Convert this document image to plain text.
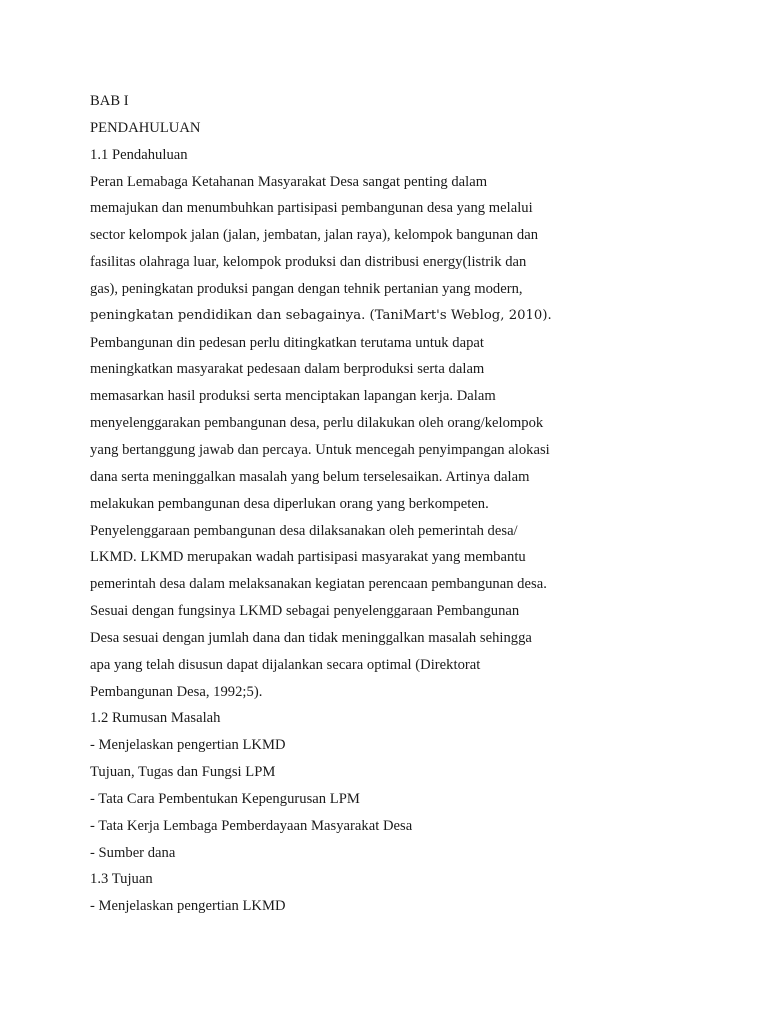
BAB I
PENDAHULUAN
1.1 Pendahuluan
Peran Lemabaga Ketahanan Masyarakat Desa sangat penting dalam
memajukan dan menumbuhkan partisipasi pembangunan desa yang melalui
sector kelompok jalan (jalan, jembatan, jalan raya), kelompok bangunan dan
fasilitas olahraga luar, kelompok produksi dan distribusi energy(listrik dan
gas), peningkatan produksi pangan dengan tehnik pertanian yang modern,
peningkatan pendidikan dan sebagainya. (TaniMart's Weblog, 2010).
Pembangunan din pedesan perlu ditingkatkan terutama untuk dapat
meningkatkan masyarakat pedesaan dalam berproduksi serta dalam
memasarkan hasil produksi serta menciptakan lapangan kerja. Dalam
menyelenggarakan pembangunan desa, perlu dilakukan oleh orang/kelompok
yang bertanggung jawab dan percaya. Untuk mencegah penyimpangan alokasi
dana serta meninggalkan masalah yang belum terselesaikan. Artinya dalam
melakukan pembangunan desa diperlukan orang yang berkompeten.
Penyelenggaraan pembangunan desa dilaksanakan oleh pemerintah desa/
LKMD. LKMD merupakan wadah partisipasi masyarakat yang membantu
pemerintah desa dalam melaksanakan kegiatan perencaan pembangunan desa.
Sesuai dengan fungsinya LKMD sebagai penyelenggaraan Pembangunan
Desa sesuai dengan jumlah dana dan tidak meninggalkan masalah sehingga
apa yang telah disusun dapat dijalankan secara optimal (Direktorat
Pembangunan Desa, 1992;5).
1.2 Rumusan Masalah
- Menjelaskan pengertian LKMD
Tujuan, Tugas dan Fungsi LPM
- Tata Cara Pembentukan Kepengurusan LPM
- Tata Kerja Lembaga Pemberdayaan Masyarakat Desa
- Sumber dana
1.3 Tujuan
- Menjelaskan pengertian LKMD
